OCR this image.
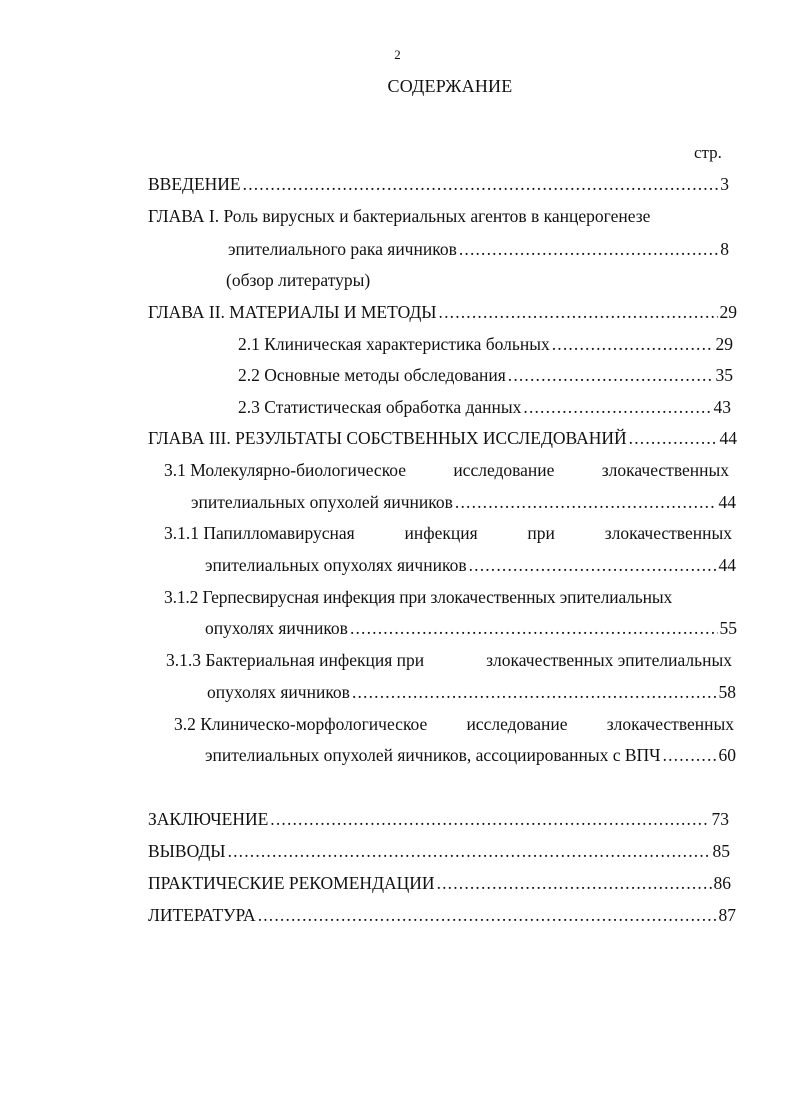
2
СОДЕРЖАНИЕ
стр.
ВВЕДЕНИЕ . . .	3
ГЛАВА I. Роль вирусных и бактериальных агентов в канцерогенезе
эпителиального рака яичников . . .	8
(обзор литературы)
ГЛАВА II. МАТЕРИАЛЫ И МЕТОДЫ . . .	29
2.1 Клиническая характеристика больных . . .	29
2.2 Основные методы обследования . . .	35
2.3 Статистическая обработка данных . . .	43
ГЛАВА III. РЕЗУЛЬТАТЫ СОБСТВЕННЫХ ИССЛЕДОВАНИЙ . . .	44
3.1 Молекулярно-биологическое	исследование	злокачественных
эпителиальных опухолей яичников . . .	44
3.1.1 Папилломавирусная	инфекция	при	злокачественных
эпителиальных опухолях яичников . . .	44
3.1.2 Герпесвирусная инфекция при злокачественных эпителиальных
опухолях яичников . . .	55
3.1.3 Бактериальная инфекция при	злокачественных эпителиальных
опухолях яичников . . .	58
3.2 Клиническо-морфологическое исследование злокачественных
эпителиальных опухолей яичников, ассоциированных с ВПЧ . . .	60
ЗАКЛЮЧЕНИЕ . . .	73
ВЫВОДЫ . . .	85
ПРАКТИЧЕСКИЕ РЕКОМЕНДАЦИИ . . .	86
ЛИТЕРАТУРА . . .	87
